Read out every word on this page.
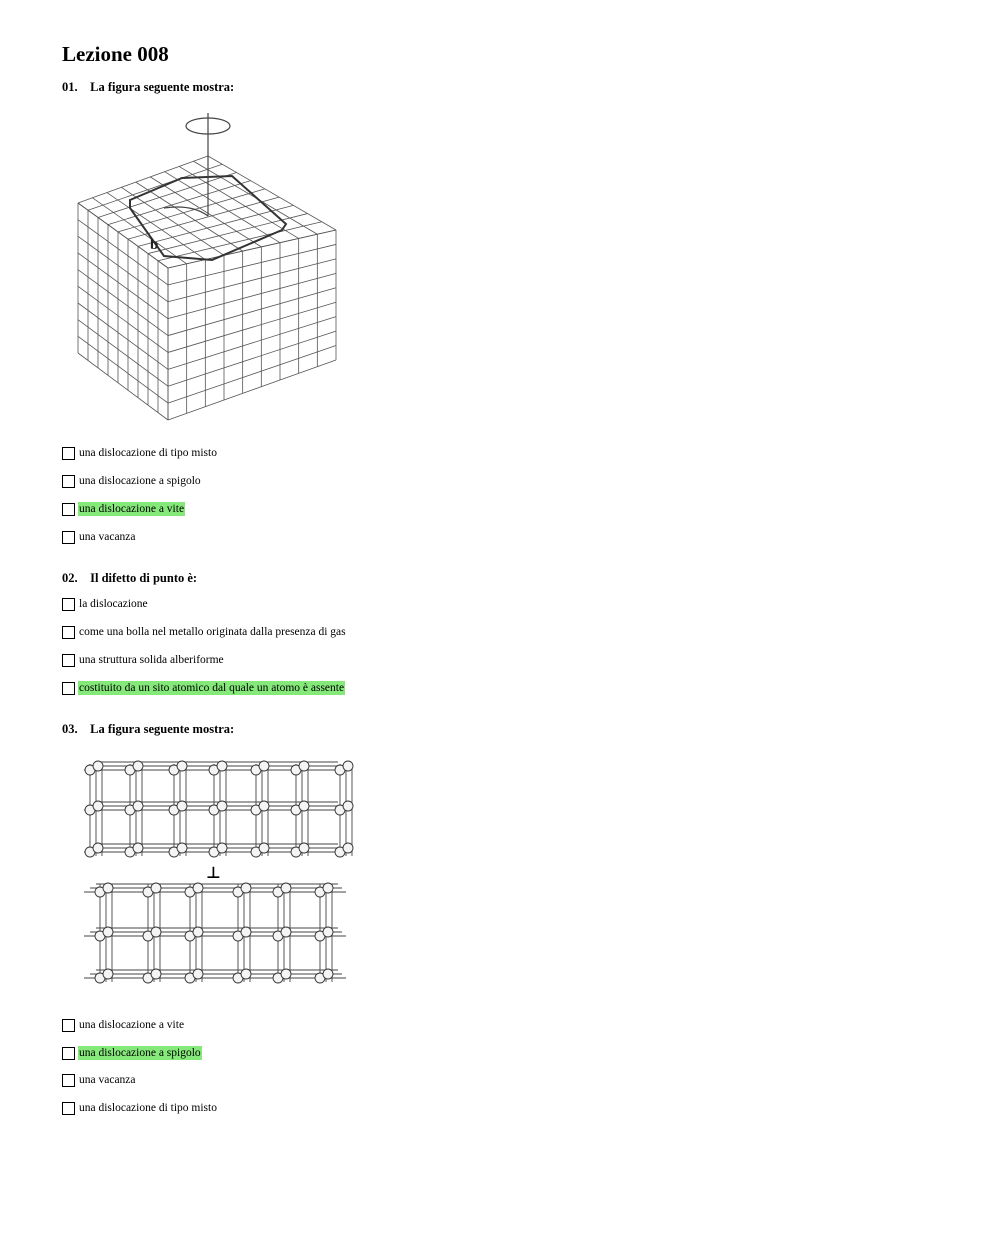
Lezione 008
01. La figura seguente mostra:
b
una dislocazione di tipo misto
una dislocazione a spigolo
una dislocazione a vite
una vacanza
02. Il difetto di punto è:
la dislocazione
come una bolla nel metallo originata dalla presenza di gas
una struttura solida alberiforme
costituito da un sito atomico dal quale un atomo è assente
03. La figura seguente mostra:
⊥
una dislocazione a vite
una dislocazione a spigolo
una vacanza
una dislocazione di tipo misto
